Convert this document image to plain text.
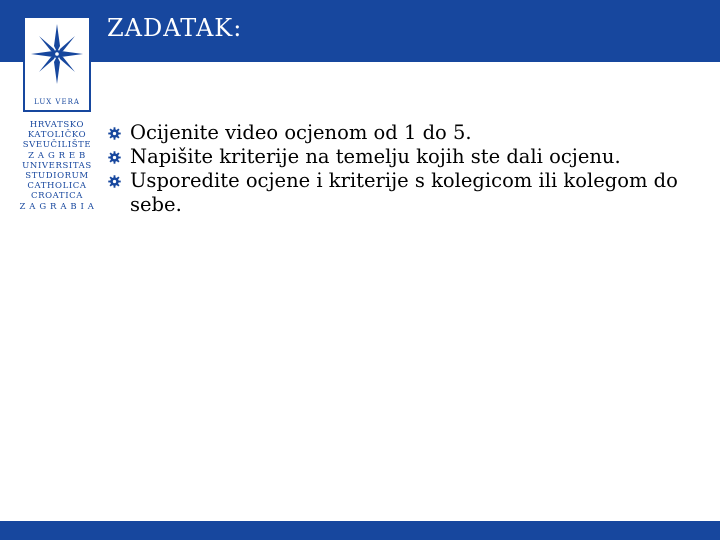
ZADATAK:
LUX VERA
HRVATSKO
KATOLIČKO
SVEUČILIŠTE
Z A G R E B
UNIVERSITAS
STUDIORUM
CATHOLICA
CROATICA
Z A G R A B I A
Ocijenite video ocjenom od 1 do 5.
Napišite kriterije na temelju kojih ste dali ocjenu.
Usporedite ocjene i kriterije s kolegicom ili kolegom do sebe.
